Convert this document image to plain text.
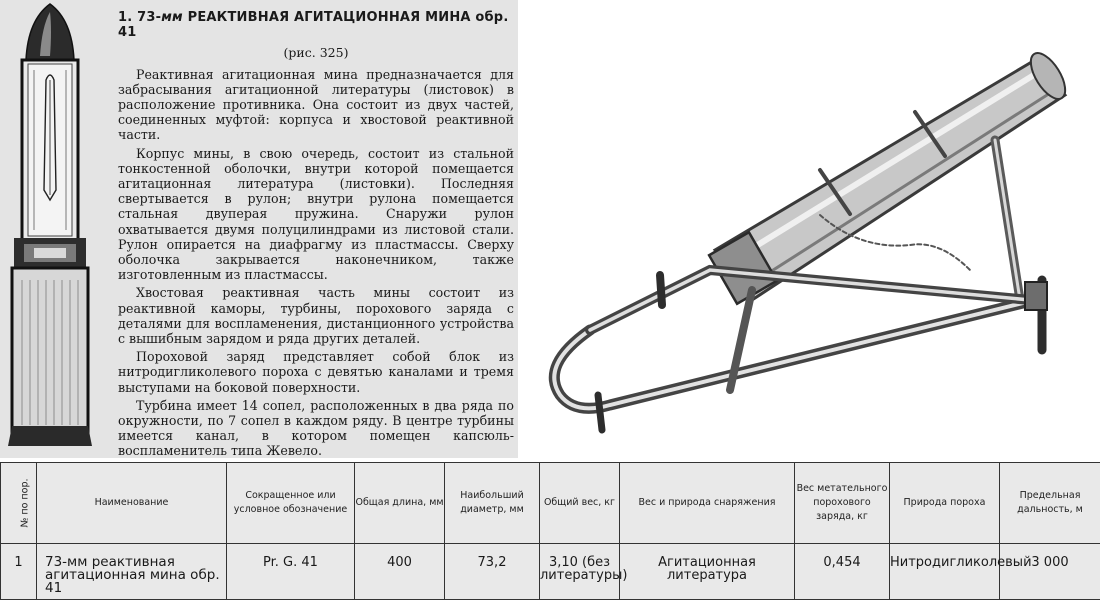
1. 73-мм РЕАКТИВНАЯ АГИТАЦИОННАЯ МИНА обр. 41
(рис. 325)

Реактивная агитационная мина предназначается для забрасывания агитационной литературы (листовок) в расположение противника. Она состоит из двух частей, соединенных муфтой: корпуса и хвостовой реактивной части.

Корпус мины, в свою очередь, состоит из стальной тонкостенной оболочки, внутри которой помещается агитационная литература (листовки). Последняя свертывается в рулон; внутри рулона помещается стальная двуперая пружина. Снаружи рулон охватывается двумя полуцилиндрами из листовой стали. Рулон опирается на диафрагму из пластмассы. Сверху оболочка закрывается наконечником, также изготовленным из пластмассы.

Хвостовая реактивная часть мины состоит из реактивной каморы, турбины, порохового заряда с деталями для воспламенения, дистанционного устройства с вышибным зарядом и ряда других деталей.

Пороховой заряд представляет собой блок из нитродигликолевого пороха с девятью каналами и тремя выступами на боковой поверхности.

Турбина имеет 14 сопел, расположенных в два ряда по окружности, по 7 сопел в каждом ряду. В центре турбины имеется канал, в котором помещен капсюль-воспламенитель типа Жевело.

№ по пор.	Наименование	Сокращенное или условное обозначение	Общая длина, мм	Наибольший диаметр, мм	Общий вес, кг	Вес и природа снаряжения	Вес метательного порохового заряда, кг	Природа пороха	Предельная дальность, м
1	73-мм реактивная агитационная мина обр. 41	Pr. G. 41	400	73,2	3,10 (без литературы)	Агитационная литература	0,454	Нитродигликолевый	3 000
